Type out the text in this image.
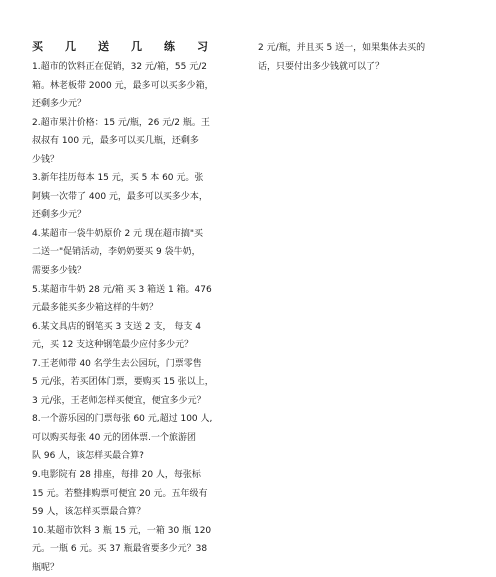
买 几 送 几 练 习
1.超市的饮料正在促销，32 元/箱，55 元/2
箱。林老板带 2000 元，最多可以买多少箱，
还剩多少元？
2.超市果汁价格：15 元/瓶，26 元/2 瓶。王
叔叔有 100 元，最多可以买几瓶，还剩多
少钱？
3.新年挂历每本 15 元，买 5 本 60 元。张
阿姨一次带了 400 元，最多可以买多少本，
还剩多少元？
4.某超市一袋牛奶原价 2 元 现在超市搞"买
二送一"促销活动，李奶奶要买 9 袋牛奶，
需要多少钱？
5.某超市牛奶 28 元/箱 买 3 箱送 1 箱。476
元最多能买多少箱这样的牛奶？
6.某文具店的钢笔买 3 支送 2 支， 每支 4
元，买 12 支这种钢笔最少应付多少元？
7.王老师带 40 名学生去公园玩，门票零售
5 元/张，若买团体门票，要购买 15 张以上，
3 元/张，王老师怎样买便宜，便宜多少元？
8.一个游乐园的门票每张 60 元,超过 100 人,
可以购买每张 40 元的团体票.一个旅游团
队 96 人，该怎样买最合算?
9.电影院有 28 排座，每排 20 人，每张标
15 元。若整排购票可便宜 20 元。五年级有
59 人，该怎样买票最合算？
10.某超市饮料 3 瓶 15 元，一箱 30 瓶 120
元。一瓶 6 元。买 37 瓶最省要多少元？38
瓶呢？
2 元/瓶，并且买 5 送一，如果集体去买的
话，只要付出多少钱就可以了？
